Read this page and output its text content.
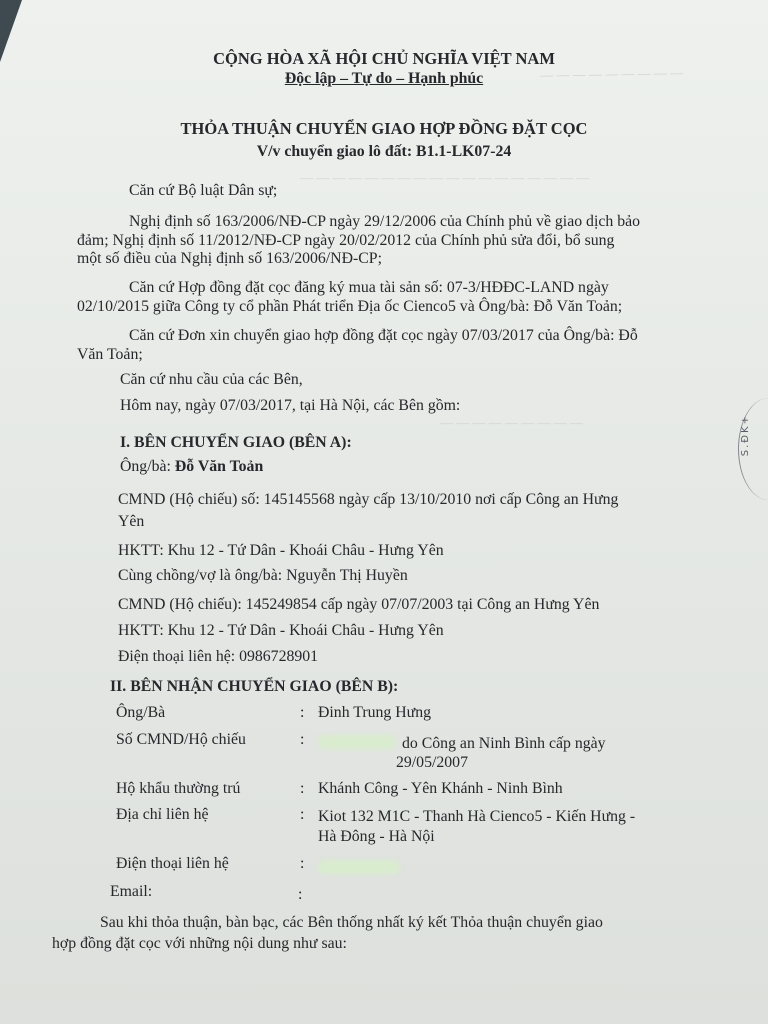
— — — — — — — — —
— — — — — — — — — — — — — — — — — —
— — — — — — — — —
CỘNG HÒA XÃ HỘI CHỦ NGHĨA VIỆT NAM
Độc lập – Tự do – Hạnh phúc
THỎA THUẬN CHUYỂN GIAO HỢP ĐỒNG ĐẶT CỌC
V/v chuyển giao lô đất: B1.1-LK07-24
Căn cứ Bộ luật Dân sự;
Nghị định số 163/2006/NĐ-CP ngày 29/12/2006 của Chính phủ về giao dịch bảo
đảm; Nghị định số 11/2012/NĐ-CP ngày 20/02/2012 của Chính phủ sửa đổi, bổ sung
một số điều của Nghị định số 163/2006/NĐ-CP;
Căn cứ Hợp đồng đặt cọc đăng ký mua tài sản số: 07-3/HĐĐC-LAND ngày
02/10/2015 giữa Công ty cổ phần Phát triển Địa ốc Cienco5 và Ông/bà: Đỗ Văn Toản;
Căn cứ Đơn xin chuyển giao hợp đồng đặt cọc ngày 07/03/2017 của Ông/bà: Đỗ
Văn Toản;
Căn cứ nhu cầu của các Bên,
Hôm nay, ngày 07/03/2017, tại Hà Nội, các Bên gồm:
I. BÊN CHUYỂN GIAO (BÊN A):
Ông/bà: Đỗ Văn Toản
CMND (Hộ chiếu) số: 145145568 ngày cấp 13/10/2010 nơi cấp Công an Hưng
Yên
HKTT: Khu 12 - Tứ Dân - Khoái Châu - Hưng Yên
Cùng chồng/vợ là ông/bà: Nguyễn Thị Huyền
CMND (Hộ chiếu): 145249854 cấp ngày 07/07/2003 tại Công an Hưng Yên
HKTT: Khu 12 - Tứ Dân - Khoái Châu - Hưng Yên
Điện thoại liên hệ: 0986728901
II. BÊN NHẬN CHUYỂN GIAO (BÊN B):
Ông/Bà	: Đinh Trung Hưng
Số CMND/Hộ chiếu	:	do Công an Ninh Bình cấp ngày
29/05/2007
Hộ khẩu thường trú	: Khánh Công - Yên Khánh - Ninh Bình
Địa chỉ liên hệ	: Kiot 132 M1C - Thanh Hà Cienco5 - Kiến Hưng -
Hà Đông - Hà Nội
Điện thoại liên hệ	:
Email:	:
Sau khi thỏa thuận, bàn bạc, các Bên thống nhất ký kết Thỏa thuận chuyển giao
hợp đồng đặt cọc với những nội dung như sau:
S.ĐK+
